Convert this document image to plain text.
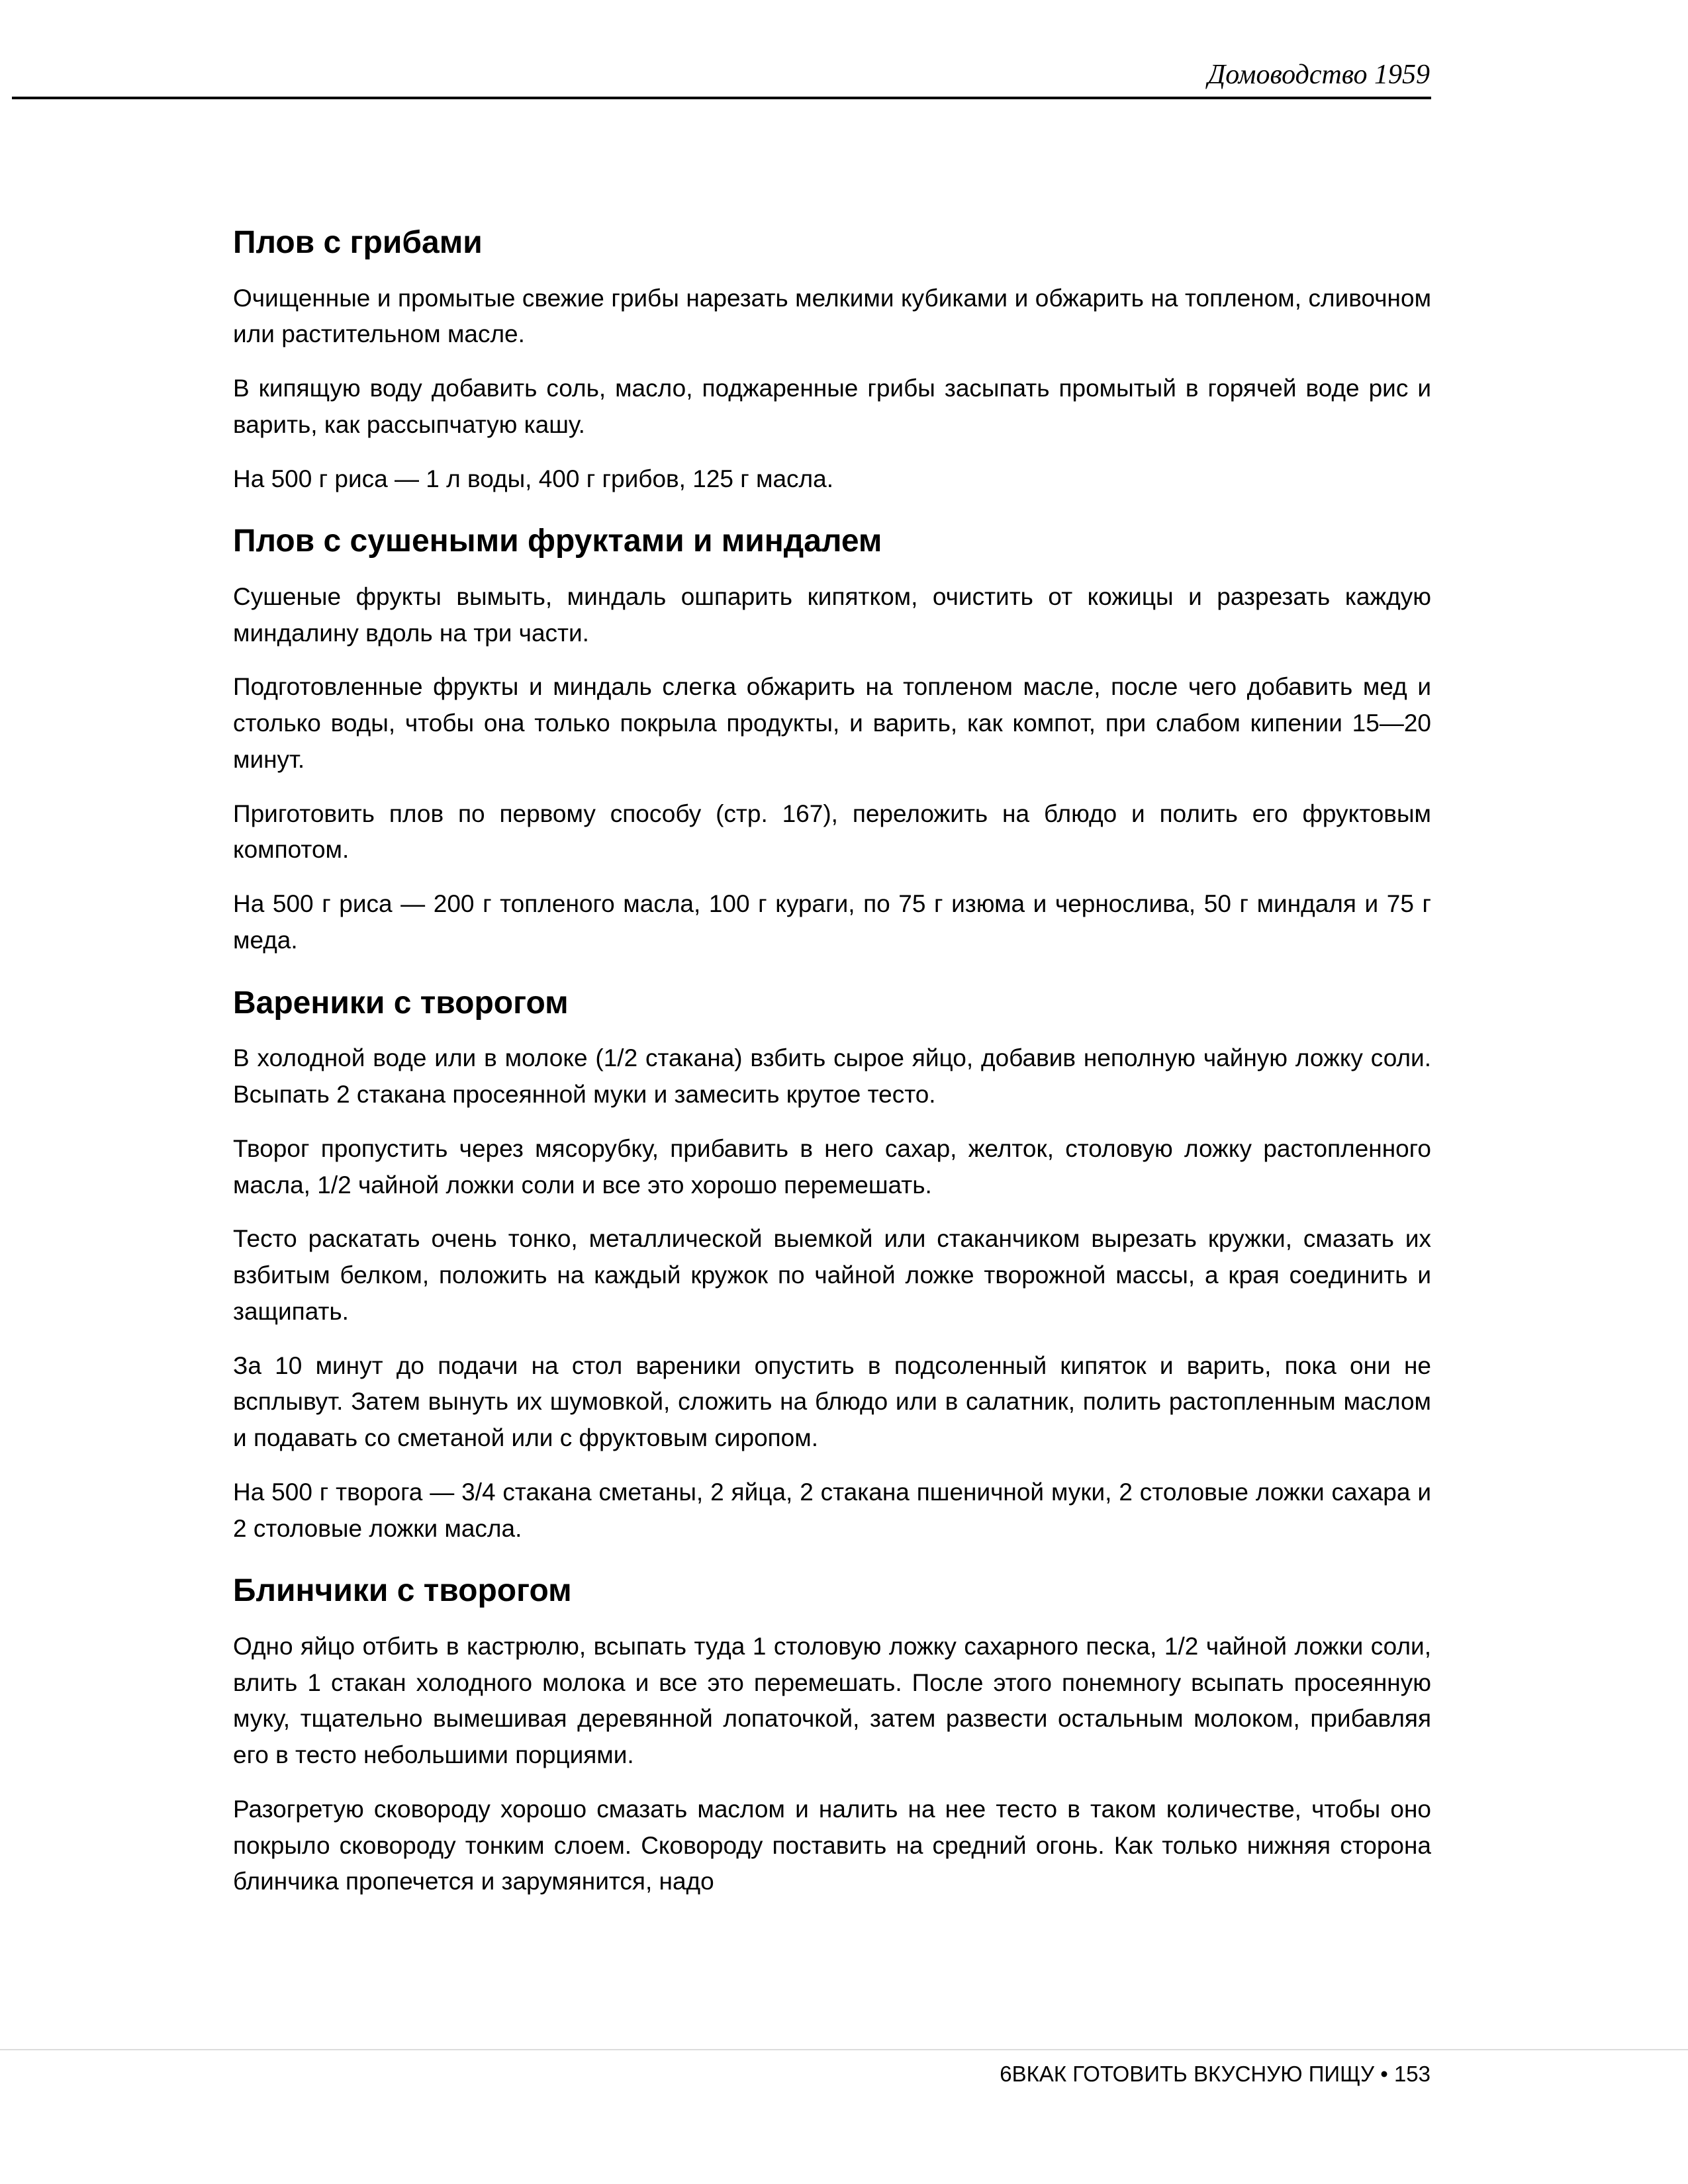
Домоводство 1959
Плов с грибами

Очищенные и промытые свежие грибы нарезать мелкими кубиками и обжарить на топленом, сливочном или растительном масле.

В кипящую воду добавить соль, масло, поджаренные грибы засыпать промытый в горячей воде рис и варить, как рассыпчатую кашу.

На 500 г риса — 1 л воды, 400 г грибов, 125 г масла.

Плов с сушеными фруктами и миндалем

Сушеные фрукты вымыть, миндаль ошпарить кипятком, очистить от кожицы и разрезать каждую миндалину вдоль на три части.

Подготовленные фрукты и миндаль слегка обжарить на топленом масле, после чего добавить мед и столько воды, чтобы она только покрыла продукты, и варить, как компот, при слабом кипении 15—20 минут.

Приготовить плов по первому способу (стр. 167), переложить на блюдо и полить его фруктовым компотом.

На 500 г риса — 200 г топленого масла, 100 г кураги, по 75 г изюма и чернослива, 50 г миндаля и 75 г меда.

Вареники с творогом

В холодной воде или в молоке (1/2 стакана) взбить сырое яйцо, добавив неполную чайную ложку соли. Всыпать 2 стакана просеянной муки и замесить крутое тесто.

Творог пропустить через мясорубку, прибавить в него сахар, желток, столовую ложку растопленного масла, 1/2 чайной ложки соли и все это хорошо перемешать.

Тесто раскатать очень тонко, металлической выемкой или стаканчиком вырезать кружки, смазать их взбитым белком, положить на каждый кружок по чайной ложке творожной массы, а края соединить и защипать.

За 10 минут до подачи на стол вареники опустить в подсоленный кипяток и варить, пока они не всплывут. Затем вынуть их шумовкой, сложить на блюдо или в салатник, полить растопленным маслом и подавать со сметаной или с фруктовым сиропом.

На 500 г творога — 3/4 стакана сметаны, 2 яйца, 2 стакана пшеничной муки, 2 столовые ложки сахара и 2 столовые ложки масла.

Блинчики с творогом

Одно яйцо отбить в кастрюлю, всыпать туда 1 столовую ложку сахарного песка, 1/2 чайной ложки соли, влить 1 стакан холодного молока и все это перемешать. После этого понемногу всыпать просеянную муку, тщательно вымешивая деревянной лопаточкой, затем развести остальным молоком, прибавляя его в тесто небольшими порциями.

Разогретую сковороду хорошо смазать маслом и налить на нее тесто в таком количестве, чтобы оно покрыло сковороду тонким слоем. Сковороду поставить на средний огонь. Как только нижняя сторона блинчика пропечется и зарумянится, надо

6ВКАК ГОТОВИТЬ ВКУСНУЮ ПИЩУ • 153
